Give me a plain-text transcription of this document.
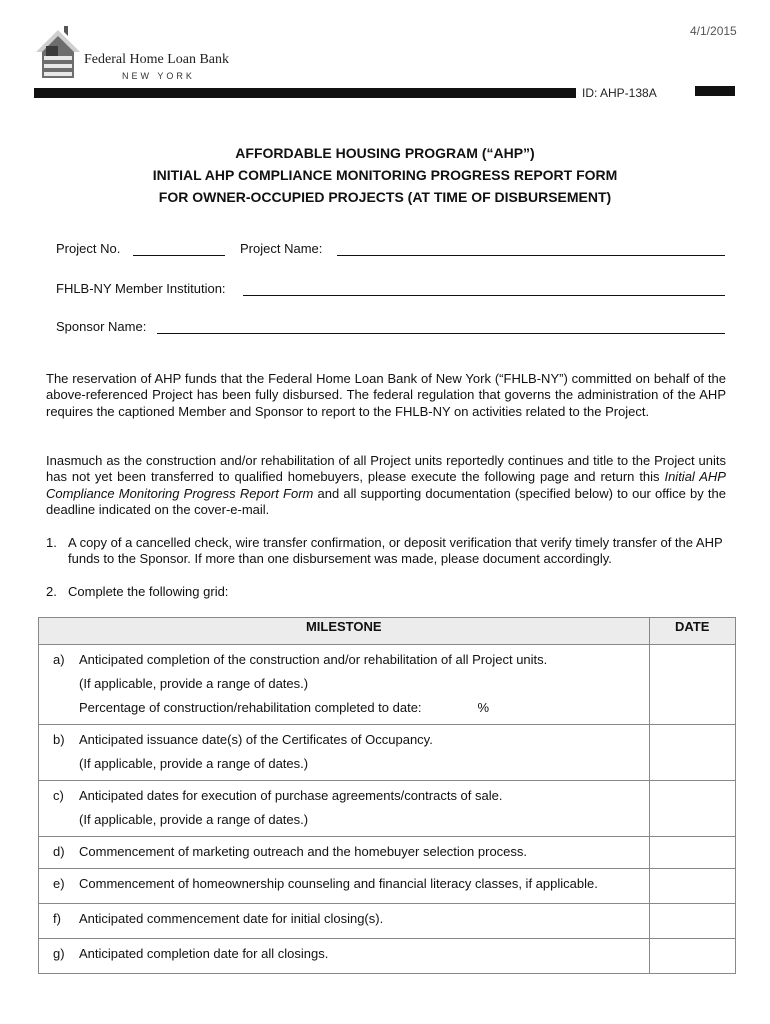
4/1/2015
Federal Home Loan Bank
NEW YORK
ID: AHP-138A
AFFORDABLE HOUSING PROGRAM (“AHP”)
INITIAL AHP COMPLIANCE MONITORING PROGRESS REPORT FORM
FOR OWNER-OCCUPIED PROJECTS (AT TIME OF DISBURSEMENT)
Project No.	Project Name:
FHLB-NY Member Institution:
Sponsor Name:
The reservation of AHP funds that the Federal Home Loan Bank of New York (“FHLB-NY”) committed on behalf of the above-referenced Project has been fully disbursed. The federal regulation that governs the administration of the AHP requires the captioned Member and Sponsor to report to the FHLB-NY on activities related to the Project.
Inasmuch as the construction and/or rehabilitation of all Project units reportedly continues and title to the Project units has not yet been transferred to qualified homebuyers, please execute the following page and return this Initial AHP Compliance Monitoring Progress Report Form and all supporting documentation (specified below) to our office by the deadline indicated on the cover-e-mail.
1. A copy of a cancelled check, wire transfer confirmation, or deposit verification that verify timely transfer of the AHP funds to the Sponsor. If more than one disbursement was made, please document accordingly.
2. Complete the following grid:
MILESTONE	DATE

a) Anticipated completion of the construction and/or rehabilitation of all Project units.
(If applicable, provide a range of dates.)
Percentage of construction/rehabilitation completed to date: %	

b) Anticipated issuance date(s) of the Certificates of Occupancy.
(If applicable, provide a range of dates.)	

c) Anticipated dates for execution of purchase agreements/contracts of sale.
(If applicable, provide a range of dates.)	

d) Commencement of marketing outreach and the homebuyer selection process.	

e) Commencement of homeownership counseling and financial literacy classes, if applicable.	

f) Anticipated commencement date for initial closing(s).	

g) Anticipated completion date for all closings.	
